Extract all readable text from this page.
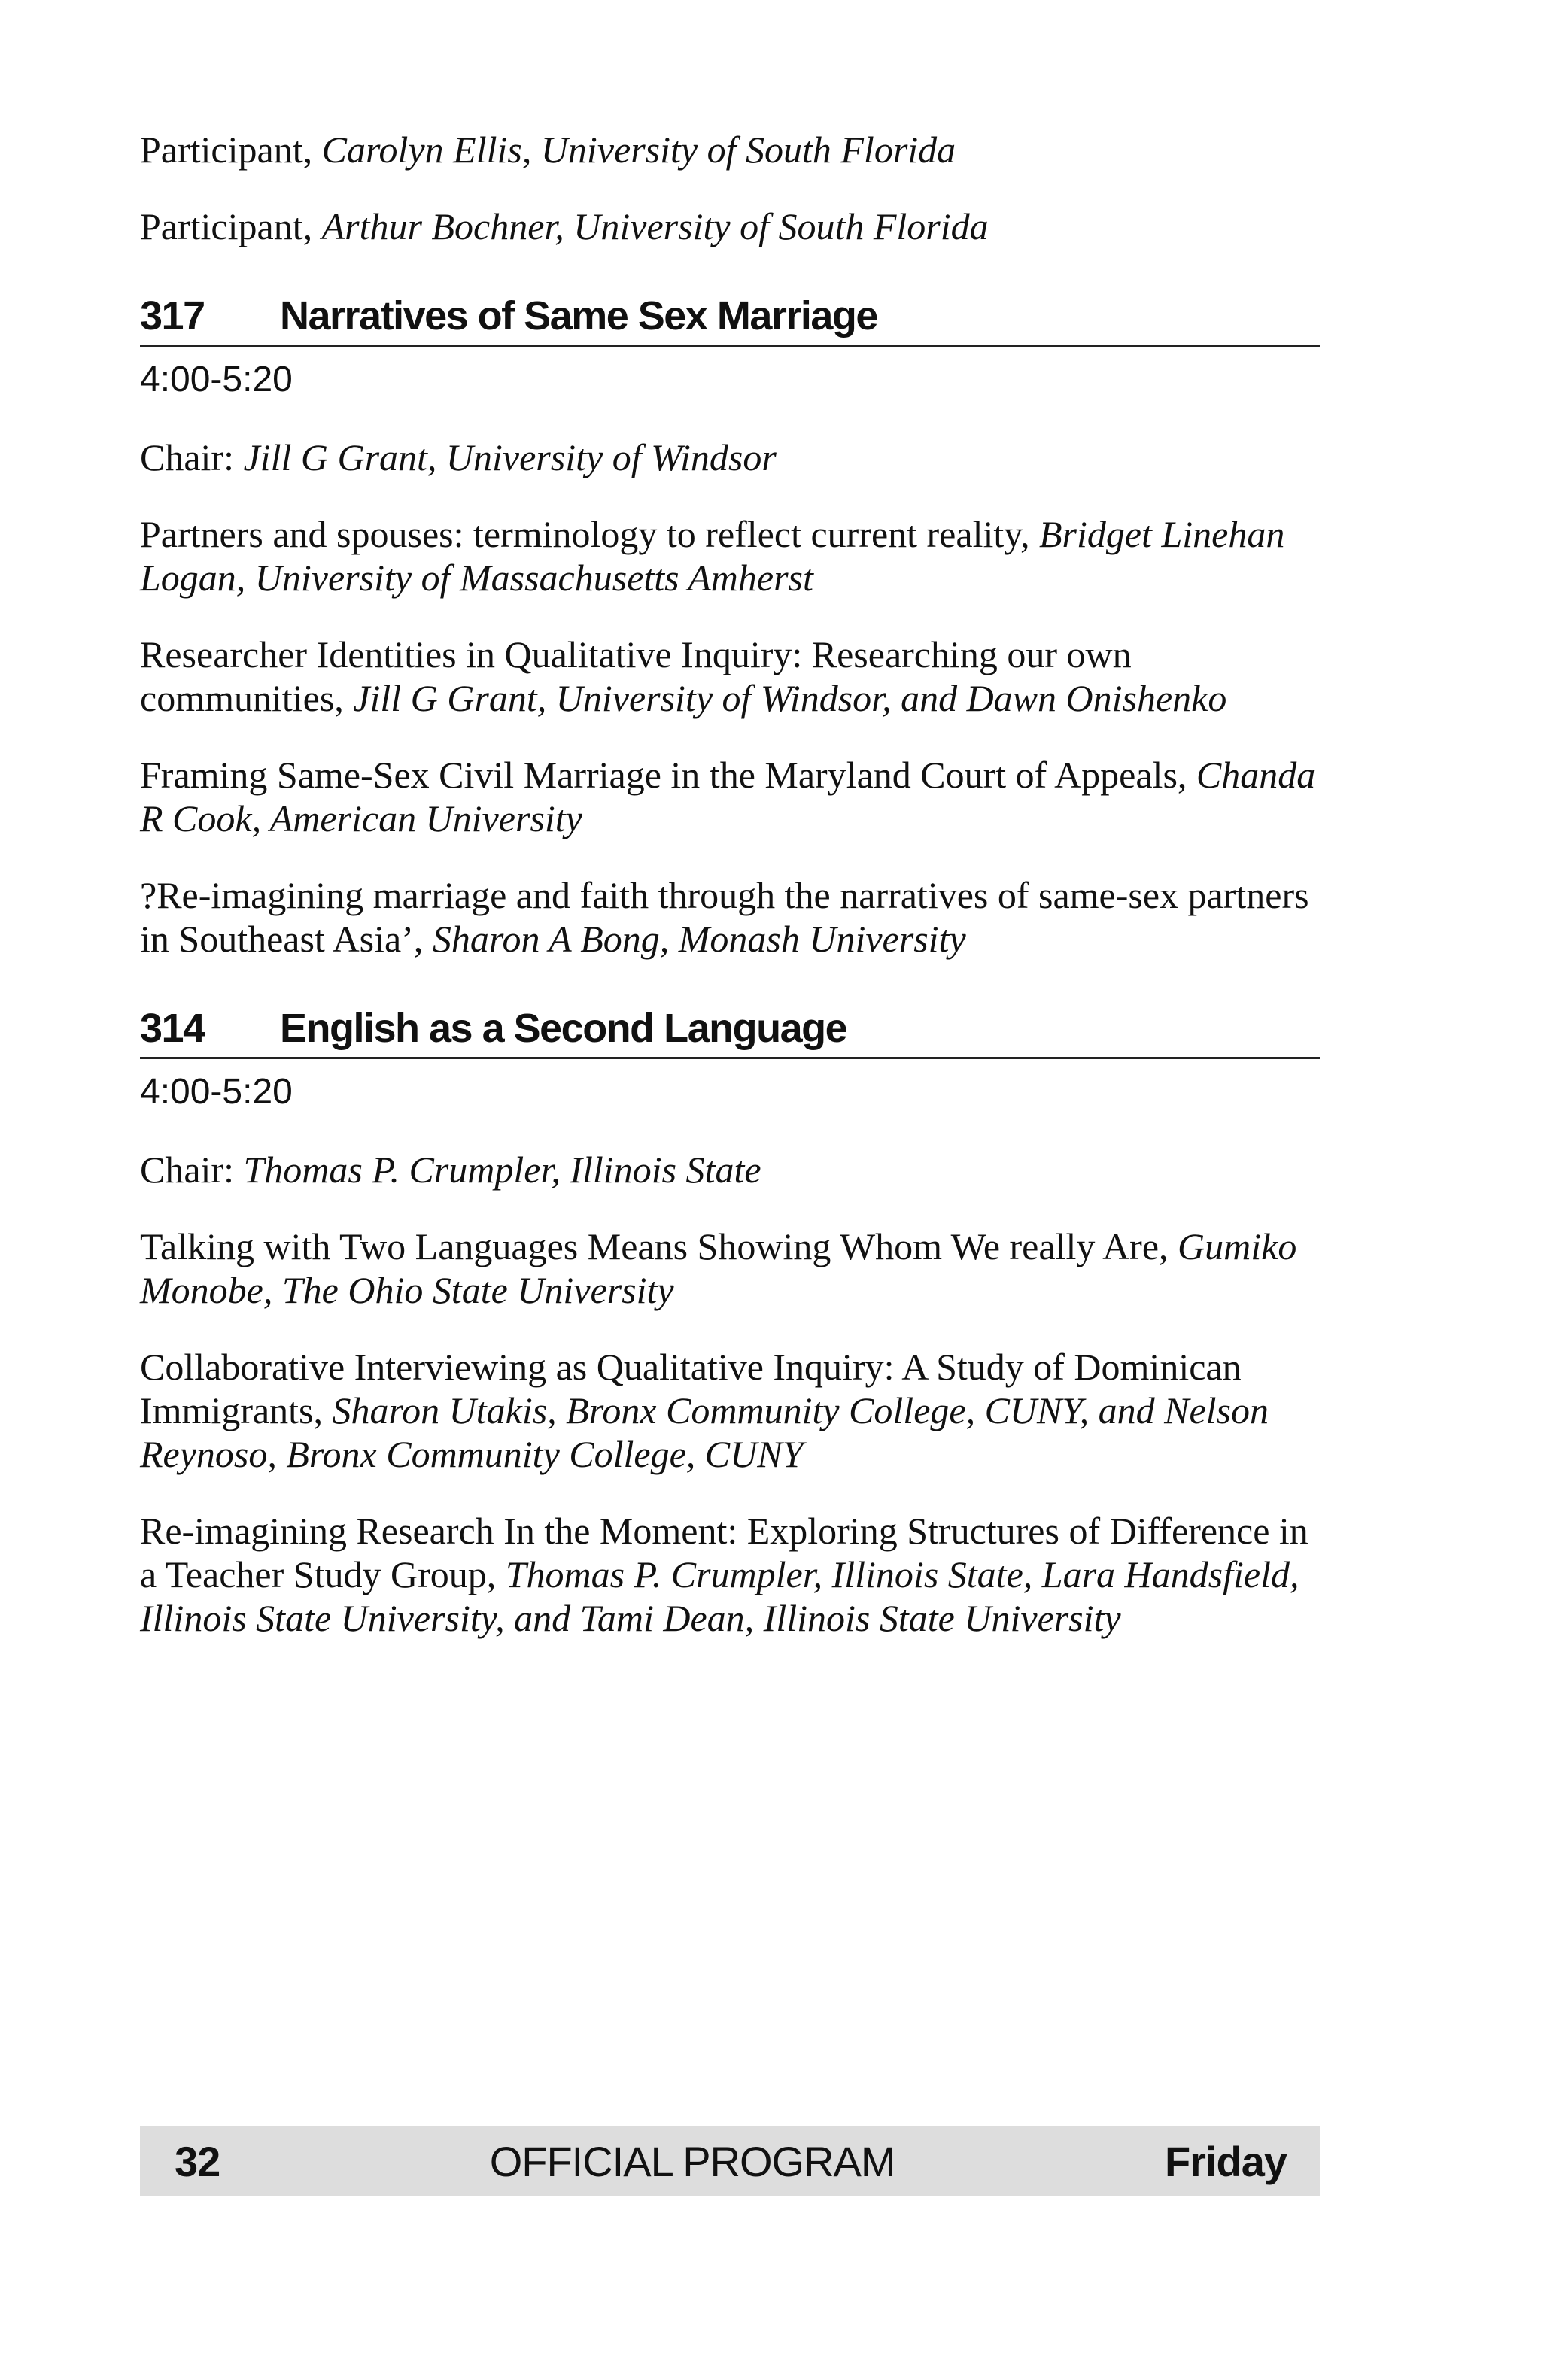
Participant, Carolyn Ellis, University of South Florida

Participant, Arthur Bochner, University of South Florida

317	Narratives of Same Sex Marriage
4:00-5:20

Chair: Jill G Grant, University of Windsor

Partners and spouses: terminology to reflect current reality, Bridget Linehan Logan, University of Massachusetts Amherst

Researcher Identities in Qualitative Inquiry: Researching our own communities, Jill G Grant, University of Windsor, and Dawn Onishenko

Framing Same-Sex Civil Marriage in the Maryland Court of Appeals, Chanda R Cook, American University

?Re-imagining marriage and faith through the narratives of same-sex partners in Southeast Asia’, Sharon A Bong, Monash University

314	English as a Second Language
4:00-5:20

Chair: Thomas P. Crumpler, Illinois State

Talking with Two Languages Means Showing Whom We really Are, Gumiko Monobe, The Ohio State University

Collaborative Interviewing as Qualitative Inquiry: A Study of Dominican Immigrants, Sharon Utakis, Bronx Community College, CUNY, and Nelson Reynoso, Bronx Community College, CUNY

Re-imagining Research In the Moment: Exploring Structures of Difference in a Teacher Study Group, Thomas P. Crumpler, Illinois State, Lara Handsfield, Illinois State University, and Tami Dean, Illinois State University

32	OFFICIAL PROGRAM	Friday
